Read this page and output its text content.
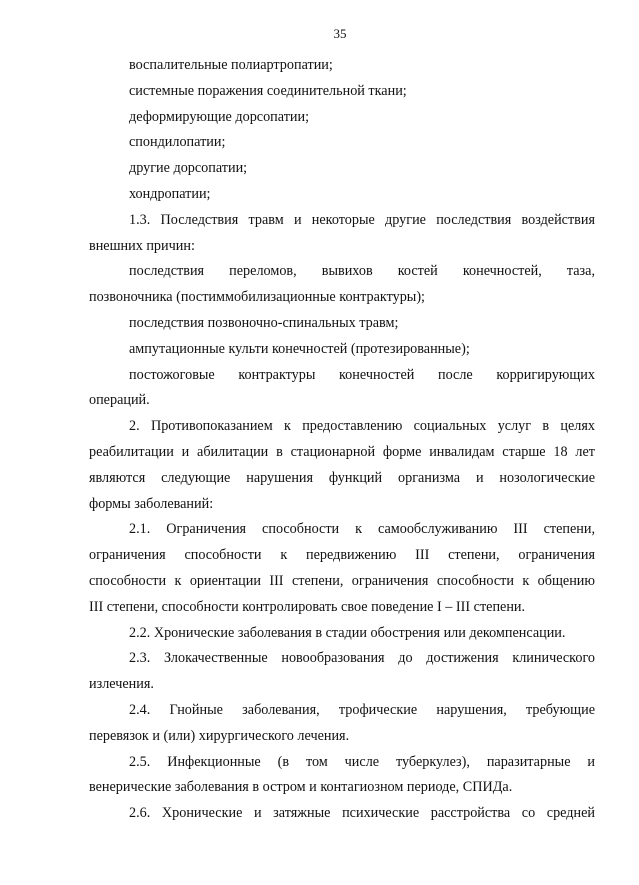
35
воспалительные полиартропатии;
системные поражения соединительной ткани;
деформирующие дорсопатии;
спондилопатии;
другие дорсопатии;
хондропатии;
1.3. Последствия травм и некоторые другие последствия воздействия
внешних причин:
последствия переломов, вывихов костей конечностей, таза,
позвоночника (постиммобилизационные контрактуры);
последствия позвоночно-спинальных травм;
ампутационные культи конечностей (протезированные);
постожоговые контрактуры конечностей после корригирующих
операций.
2. Противопоказанием к предоставлению социальных услуг в целях
реабилитации и абилитации в стационарной форме инвалидам старше 18 лет
являются следующие нарушения функций организма и нозологические
формы заболеваний:
2.1. Ограничения способности к самообслуживанию III степени,
ограничения способности к передвижению III степени, ограничения
способности к ориентации III степени, ограничения способности к общению
III степени, способности контролировать свое поведение I – III степени.
2.2. Хронические заболевания в стадии обострения или декомпенсации.
2.3. Злокачественные новообразования до достижения клинического
излечения.
2.4. Гнойные заболевания, трофические нарушения, требующие
перевязок и (или) хирургического лечения.
2.5. Инфекционные (в том числе туберкулез), паразитарные и
венерические заболевания в остром и контагиозном периоде, СПИДа.
2.6. Хронические и затяжные психические расстройства со средней
